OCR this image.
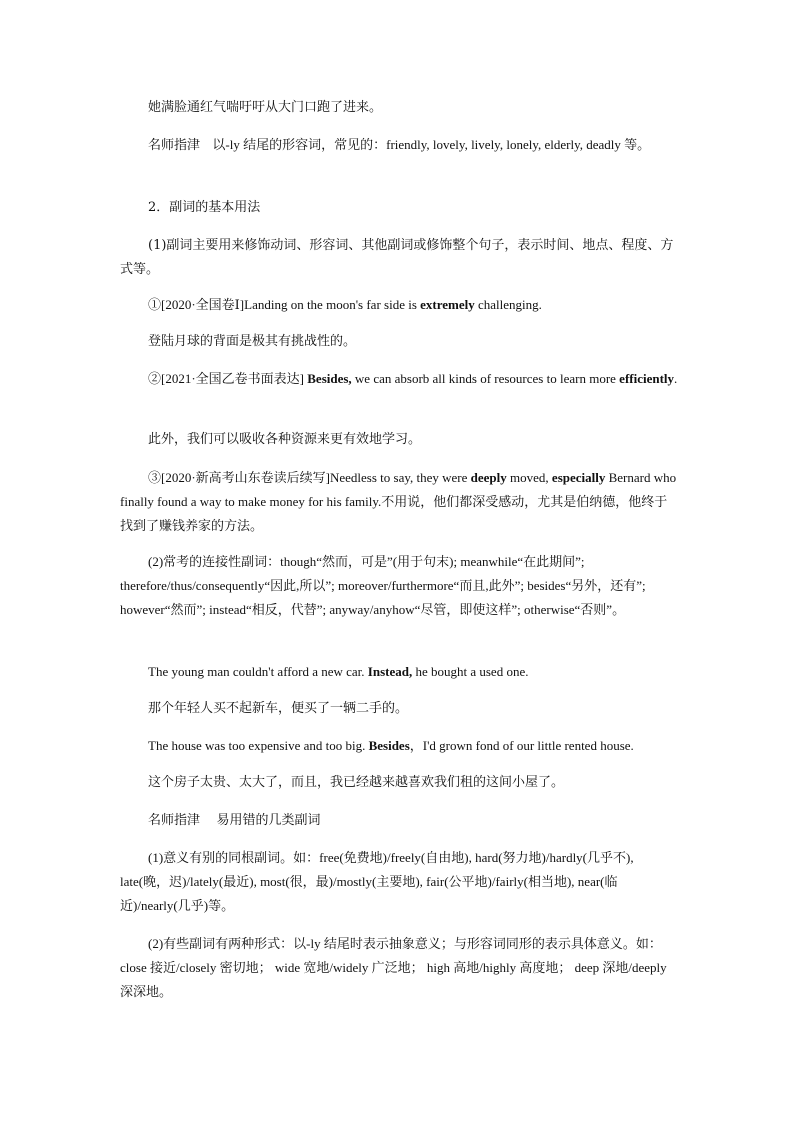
她满脸通红气喘吁吁从大门口跑了进来。

名师指津 以-ly 结尾的形容词，常见的：friendly, lovely, lively, lonely, elderly, deadly 等。

2．副词的基本用法

(1)副词主要用来修饰动词、形容词、其他副词或修饰整个句子，表示时间、地点、程度、方式等。

①[2020·全国卷Ⅰ]Landing on the moon's far side is extremely challenging.

登陆月球的背面是极其有挑战性的。

②[2021·全国乙卷书面表达] Besides, we can absorb all kinds of resources to learn more efficiently.

此外，我们可以吸收各种资源来更有效地学习。

③[2020·新高考山东卷读后续写]Needless to say, they were deeply moved, especially Bernard who finally found a way to make money for his family.不用说，他们都深受感动，尤其是伯纳德，他终于找到了赚钱养家的方法。

(2)常考的连接性副词：though“然而，可是”(用于句末); meanwhile“在此期间”; therefore/thus/consequently“因此,所以”; moreover/furthermore“而且,此外”; besides“另外，还有”; however“然而”; instead“相反，代替”; anyway/anyhow“尽管，即使这样”; otherwise“否则”。

The young man couldn't afford a new car. Instead, he bought a used one.

那个年轻人买不起新车，便买了一辆二手的。

The house was too expensive and too big. Besides，I'd grown fond of our little rented house.

这个房子太贵、太大了，而且，我已经越来越喜欢我们租的这间小屋了。

名师指津 易用错的几类副词

(1)意义有别的同根副词。如：free(免费地)/freely(自由地), hard(努力地)/hardly(几乎不), late(晚，迟)/lately(最近), most(很，最)/mostly(主要地), fair(公平地)/fairly(相当地), near(临近)/nearly(几乎)等。

(2)有些副词有两种形式：以-ly 结尾时表示抽象意义；与形容词同形的表示具体意义。如：close 接近/closely 密切地； wide 宽地/widely 广泛地； high 高地/highly 高度地； deep 深地/deeply 深深地。
